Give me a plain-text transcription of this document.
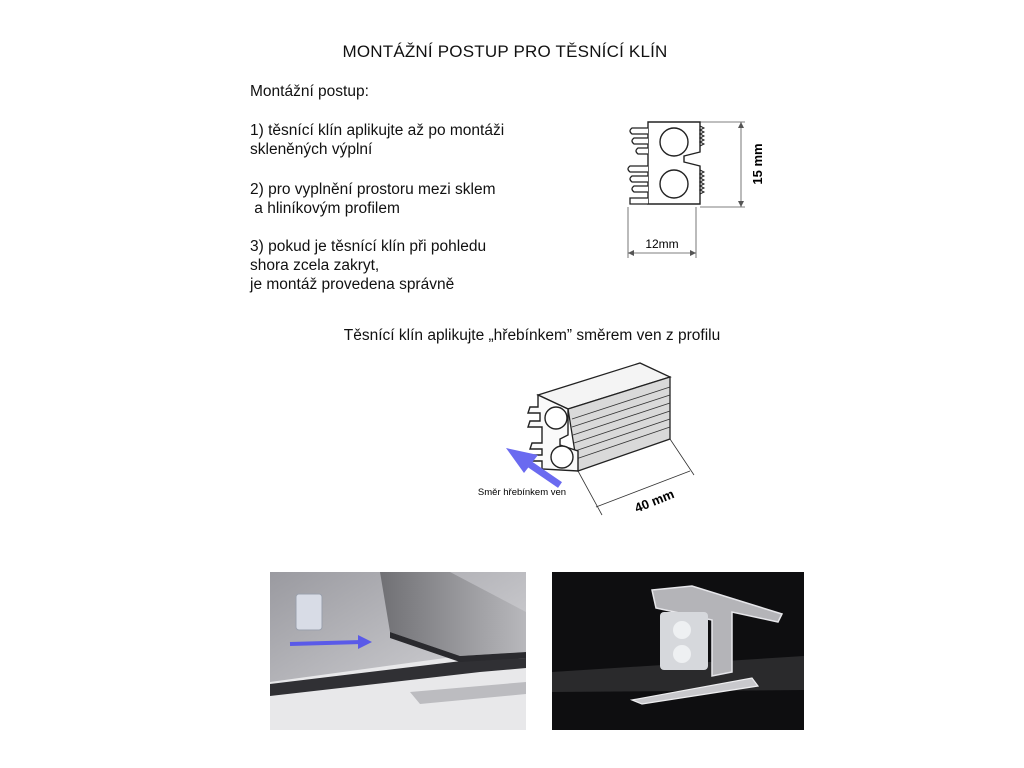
MONTÁŽNÍ POSTUP PRO TĚSNÍCÍ KLÍN
Montážní postup:
1) těsnící klín aplikujte až po montáži
skleněných výplní
2) pro vyplnění prostoru mezi sklem
a hliníkovým profilem
3) pokud je těsnící klín při pohledu
shora zcela zakryt,
je montáž provedena správně
15 mm
12mm
Těsnící klín aplikujte „hřebínkem” směrem ven z profilu
Směr hřebínkem ven	40 mm
